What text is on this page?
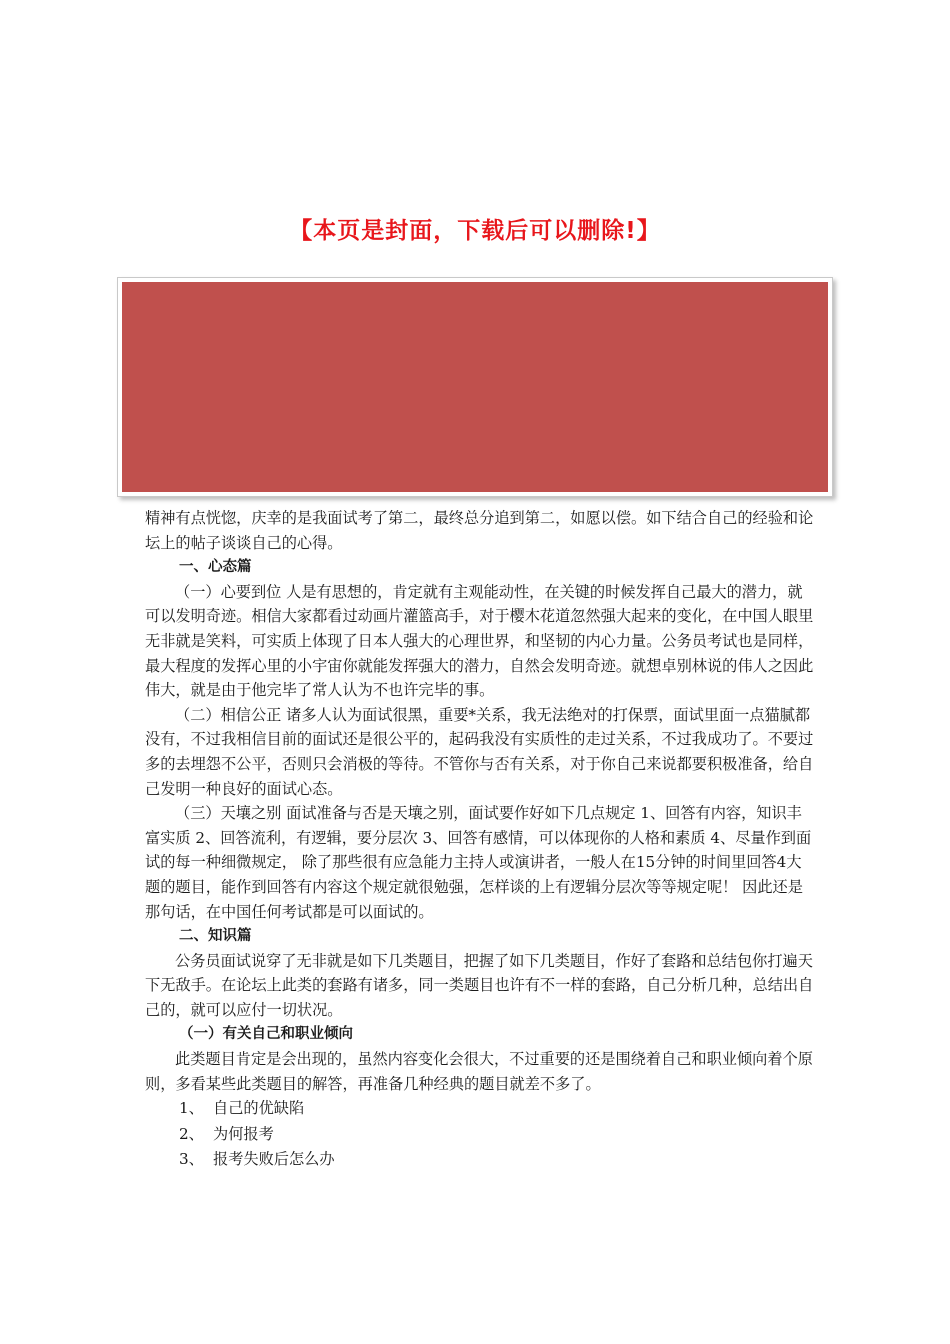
【本页是封面，下载后可以删除!】

精神有点恍惚，庆幸的是我面试考了第二，最终总分追到第二，如愿以偿。如下结合自己的经验和论坛上的帖子谈谈自己的心得。

一、心态篇

（一）心要到位 人是有思想的，肯定就有主观能动性，在关键的时候发挥自己最大的潜力，就可以发明奇迹。相信大家都看过动画片灌篮高手，对于樱木花道忽然强大起来的变化，在中国人眼里无非就是笑料，可实质上体现了日本人强大的心理世界，和坚韧的内心力量。公务员考试也是同样，最大程度的发挥心里的小宇宙你就能发挥强大的潜力，自然会发明奇迹。就想卓别林说的伟人之因此伟大，就是由于他完毕了常人认为不也许完毕的事。

（二）相信公正 诸多人认为面试很黑，重要*关系，我无法绝对的打保票，面试里面一点猫腻都没有，不过我相信目前的面试还是很公平的，起码我没有实质性的走过关系，不过我成功了。不要过多的去埋怨不公平，否则只会消极的等待。不管你与否有关系，对于你自己来说都要积极准备，给自己发明一种良好的面试心态。

（三）天壤之别 面试准备与否是天壤之别，面试要作好如下几点规定 1、回答有内容，知识丰富实质 2、回答流利，有逻辑，要分层次 3、回答有感情，可以体现你的人格和素质 4、尽量作到面试的每一种细微规定， 除了那些很有应急能力主持人或演讲者，一般人在15分钟的时间里回答4大题的题目，能作到回答有内容这个规定就很勉强，怎样谈的上有逻辑分层次等等规定呢！ 因此还是那句话，在中国任何考试都是可以面试的。

二、知识篇

公务员面试说穿了无非就是如下几类题目，把握了如下几类题目，作好了套路和总结包你打遍天下无敌手。在论坛上此类的套路有诸多，同一类题目也许有不一样的套路，自己分析几种，总结出自己的，就可以应付一切状况。

（一）有关自己和职业倾向

此类题目肯定是会出现的，虽然内容变化会很大，不过重要的还是围绕着自己和职业倾向着个原则，多看某些此类题目的解答，再准备几种经典的题目就差不多了。

1、 自己的优缺陷

2、 为何报考

3、 报考失败后怎么办
